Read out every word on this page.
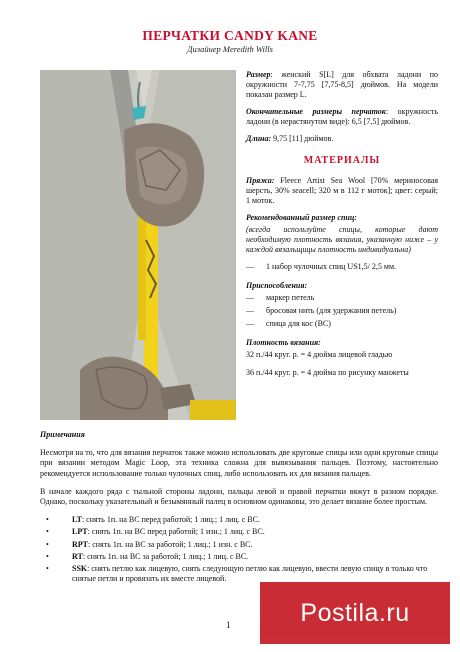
ПЕРЧАТКИ CANDY KANE
Дизайнер Meredith Wills

Размер: женский S[L] для обхвата ладони по окружности 7-7,75 [7,75-8,5] дюймов. На модели показан размер L.

Окончательные размеры перчаток: окружность ладони (в нерастянутом виде): 6,5 [7,5] дюймов.

Длина: 9,75 [11] дюймов.

МАТЕРИАЛЫ

Пряжа: Fleece Artist Sea Wool [70% мериносовая шерсть, 30% seacell; 320 м в 112 г моток]; цвет: серый; 1 моток.

Рекомендованный размер спиц:

(всегда используйте спицы, которые дают необходимую плотность вязания, указанную ниже – у каждой вязальщицы плотность индивидуальна)

—	1 набор чулочных спиц US1,5/ 2,5 мм.

Приспособления:

—	маркер петель
—	бросовая нить (для удержания петель)
—	спица для кос (ВС)

Плотность вязания:

32 п./44 круг. р. = 4 дюйма лицевой гладью

36 п./44 круг. р. = 4 дюйма по рисунку манжеты

Примечания

Несмотря на то, что для вязания перчаток также можно использовать две круговые спицы или одни круговые спицы при вязании методом Magic Loop, эта техника сложна для вывязывания пальцев. Поэтому, настоятельно рекомендуется использование только чулочных спиц, либо использовать их для вязания пальцев.

В начале каждого ряда с тыльной стороны ладони, пальцы левой и правой перчатки вяжут в разном порядке. Однако, поскольку указательный и безымянный палец в основном одинаковы, это делает вязание более простым.

•	LT: снять 1п. на ВС перед работой; 1 лиц.; 1 лиц. с ВС.
•	LPT: снять 1п. на ВС перед работой; 1 изн.; 1 лиц. с ВС.
•	RPT: снять 1п. на ВС за работой; 1 лиц.; 1 изн. с ВС.
•	RT: снять 1п. на ВС за работой; 1 лиц.; 1 лиц. с ВС.
•	SSK: снять петлю как лицевую, снять следующую петлю как лицевую, ввести левую спицу в только что снятые петли и провязать их вместе лицевой.
1	Postila.ru
